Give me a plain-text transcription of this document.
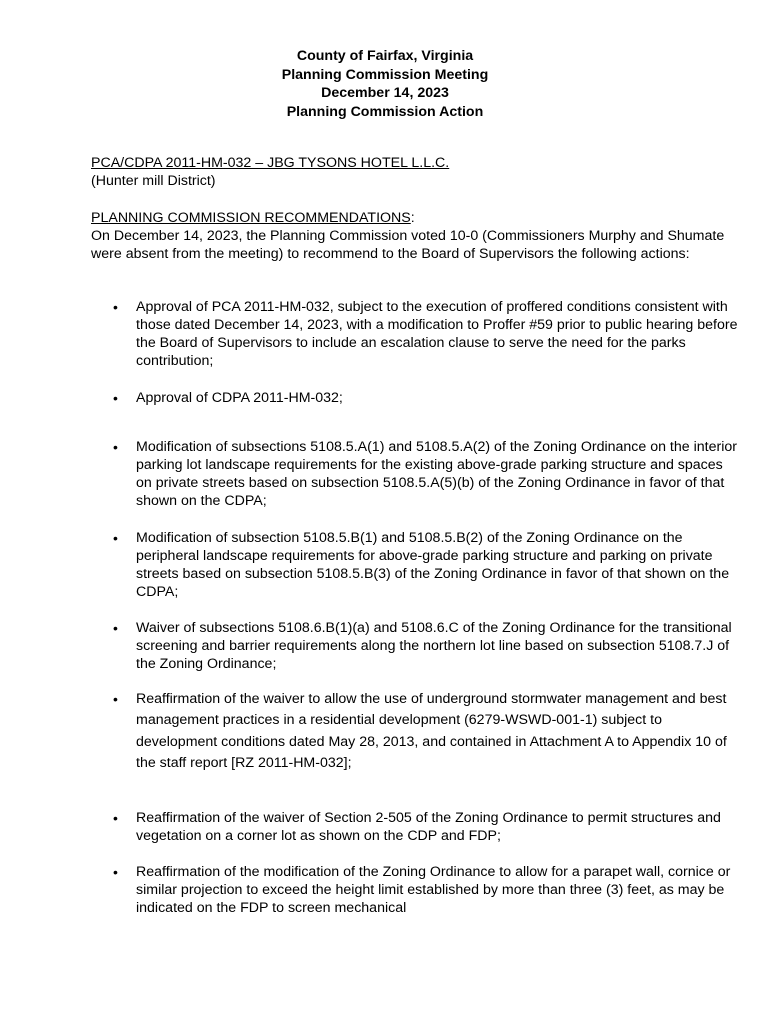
County of Fairfax, Virginia
Planning Commission Meeting
December 14, 2023
Planning Commission Action
PCA/CDPA 2011-HM-032 – JBG TYSONS HOTEL L.L.C.
(Hunter mill District)
PLANNING COMMISSION RECOMMENDATIONS:
On December 14, 2023, the Planning Commission voted 10-0 (Commissioners Murphy and Shumate were absent from the meeting) to recommend to the Board of Supervisors the following actions:
•	Approval of PCA 2011-HM-032, subject to the execution of proffered conditions consistent with those dated December 14, 2023, with a modification to Proffer #59 prior to public hearing before the Board of Supervisors to include an escalation clause to serve the need for the parks contribution;
•	Approval of CDPA 2011-HM-032;
•	Modification of subsections 5108.5.A(1) and 5108.5.A(2) of the Zoning Ordinance on the interior parking lot landscape requirements for the existing above-grade parking structure and spaces on private streets based on subsection 5108.5.A(5)(b) of the Zoning Ordinance in favor of that shown on the CDPA;
•	Modification of subsection 5108.5.B(1) and 5108.5.B(2) of the Zoning Ordinance on the peripheral landscape requirements for above-grade parking structure and parking on private streets based on subsection 5108.5.B(3) of the Zoning Ordinance in favor of that shown on the CDPA;
•	Waiver of subsections 5108.6.B(1)(a) and 5108.6.C of the Zoning Ordinance for the transitional screening and barrier requirements along the northern lot line based on subsection 5108.7.J of the Zoning Ordinance;
•	Reaffirmation of the waiver to allow the use of underground stormwater management and best management practices in a residential development (6279-WSWD-001-1) subject to development conditions dated May 28, 2013, and contained in Attachment A to Appendix 10 of the staff report [RZ 2011-HM-032];
•	Reaffirmation of the waiver of Section 2-505 of the Zoning Ordinance to permit structures and vegetation on a corner lot as shown on the CDP and FDP;
•	Reaffirmation of the modification of the Zoning Ordinance to allow for a parapet wall, cornice or similar projection to exceed the height limit established by more than three (3) feet, as may be indicated on the FDP to screen mechanical
